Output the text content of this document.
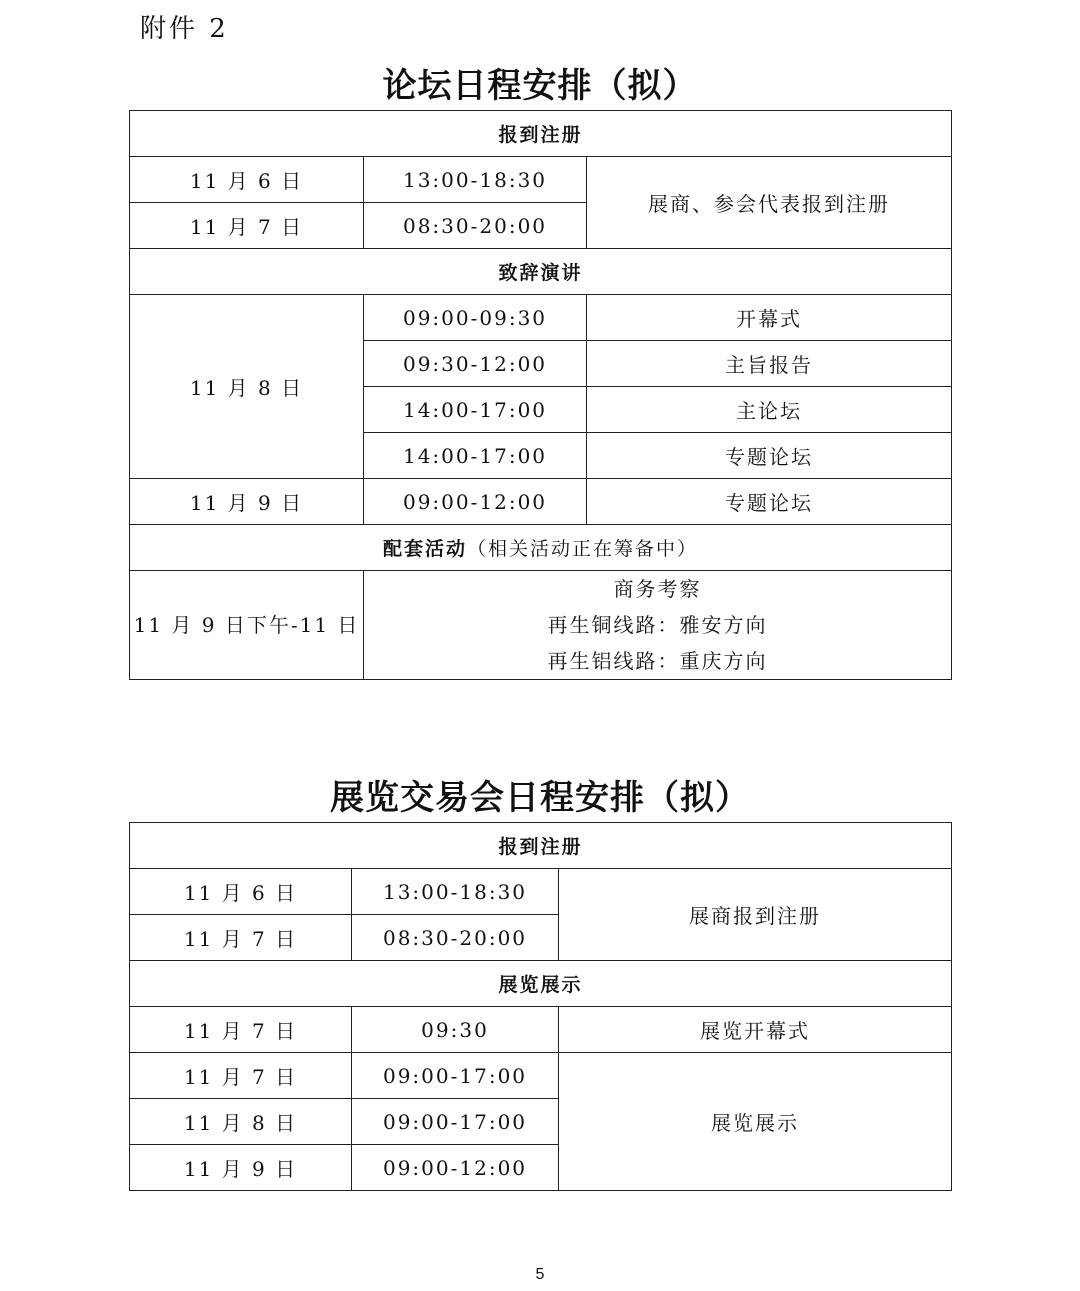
附件 2
论坛日程安排（拟）
报到注册		
11 月 6 日	13:00-18:30	展商、参会代表报到注册
11 月 7 日	08:30-20:00	
致辞演讲		
11 月 8 日	09:00-09:30	开幕式
	09:30-12:00	主旨报告
	14:00-17:00	主论坛
	14:00-17:00	专题论坛
11 月 9 日	09:00-12:00	专题论坛
配套活动（相关活动正在筹备中）		
11 月 9 日下午-11 日	商务考察
再生铜线路：雅安方向
再生铝线路：重庆方向	
展览交易会日程安排（拟）
报到注册		
11 月 6 日	13:00-18:30	展商报到注册
11 月 7 日	08:30-20:00	
展览展示		
11 月 7 日	09:30	展览开幕式
11 月 7 日	09:00-17:00	展览展示
11 月 8 日	09:00-17:00	
11 月 9 日	09:00-12:00	
5
